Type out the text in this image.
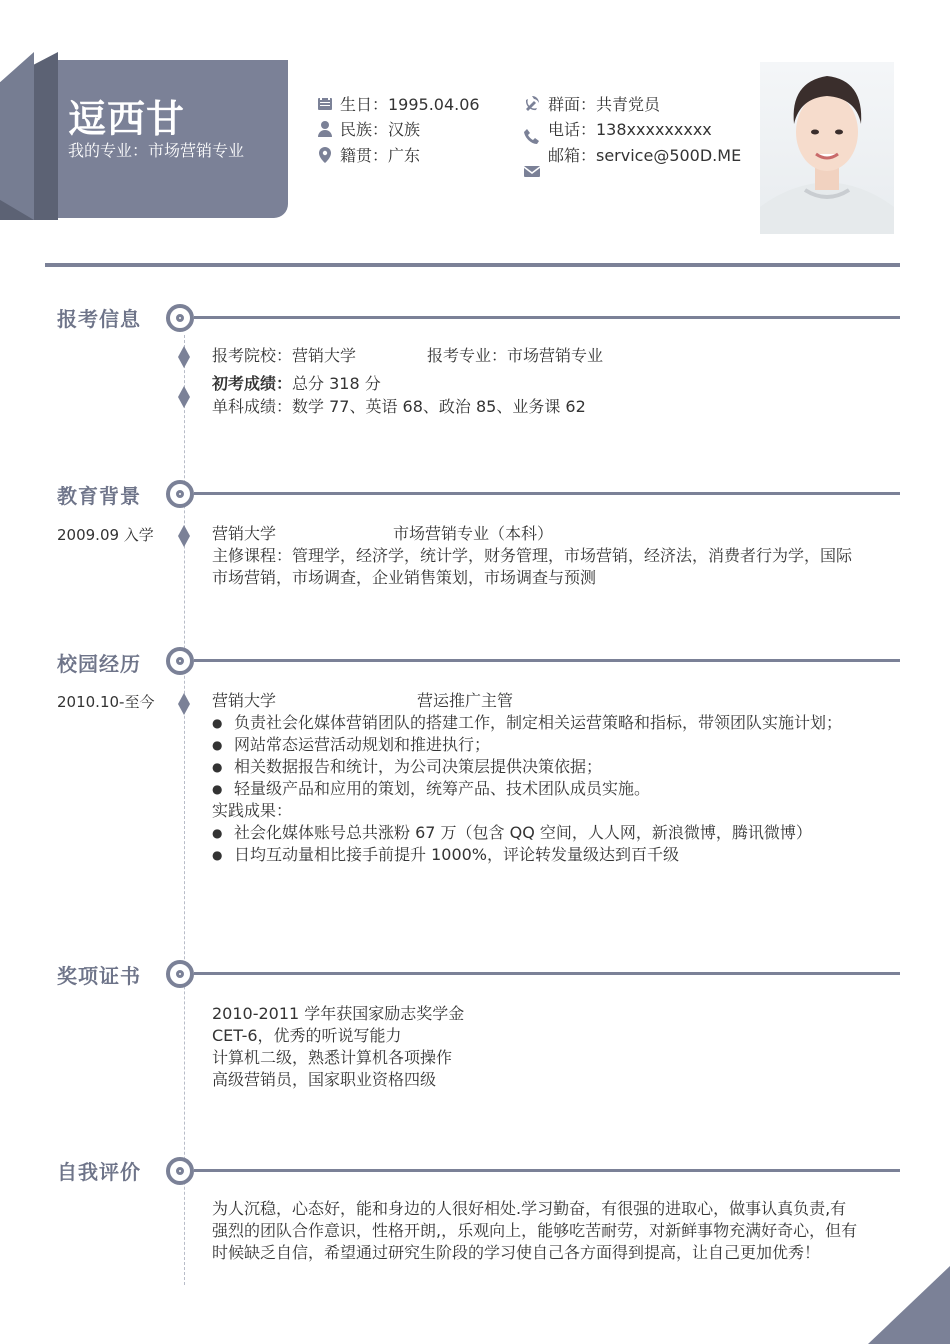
逗西甘
我的专业：市场营销专业
生日：1995.04.06
民族：汉族
籍贯：广东
群面：共青党员
电话：138xxxxxxxxx
邮箱：service@500D.ME
报考信息
报考院校：营销大学	报考专业：市场营销专业
初考成绩：总分 318 分
单科成绩：数学 77、英语 68、政治 85、业务课 62
教育背景
2009.09 入学	营销大学	市场营销专业（本科）
主修课程：管理学，经济学，统计学，财务管理，市场营销，经济法，消费者行为学，国际
市场营销，市场调查，企业销售策划，市场调查与预测
校园经历
2010.10-至今	营销大学	营运推广主管
● 负责社会化媒体营销团队的搭建工作，制定相关运营策略和指标，带领团队实施计划；
● 网站常态运营活动规划和推进执行；
● 相关数据报告和统计，为公司决策层提供决策依据；
● 轻量级产品和应用的策划，统筹产品、技术团队成员实施。
实践成果：
● 社会化媒体账号总共涨粉 67 万（包含 QQ 空间，人人网，新浪微博，腾讯微博）
● 日均互动量相比接手前提升 1000%，评论转发量级达到百千级
奖项证书
2010-2011 学年获国家励志奖学金
CET-6，优秀的听说写能力
计算机二级，熟悉计算机各项操作
高级营销员，国家职业资格四级
自我评价
为人沉稳，心态好，能和身边的人很好相处.学习勤奋，有很强的进取心，做事认真负责,有
强烈的团队合作意识，性格开朗,，乐观向上，能够吃苦耐劳，对新鲜事物充满好奇心，但有
时候缺乏自信，希望通过研究生阶段的学习使自己各方面得到提高，让自己更加优秀！
